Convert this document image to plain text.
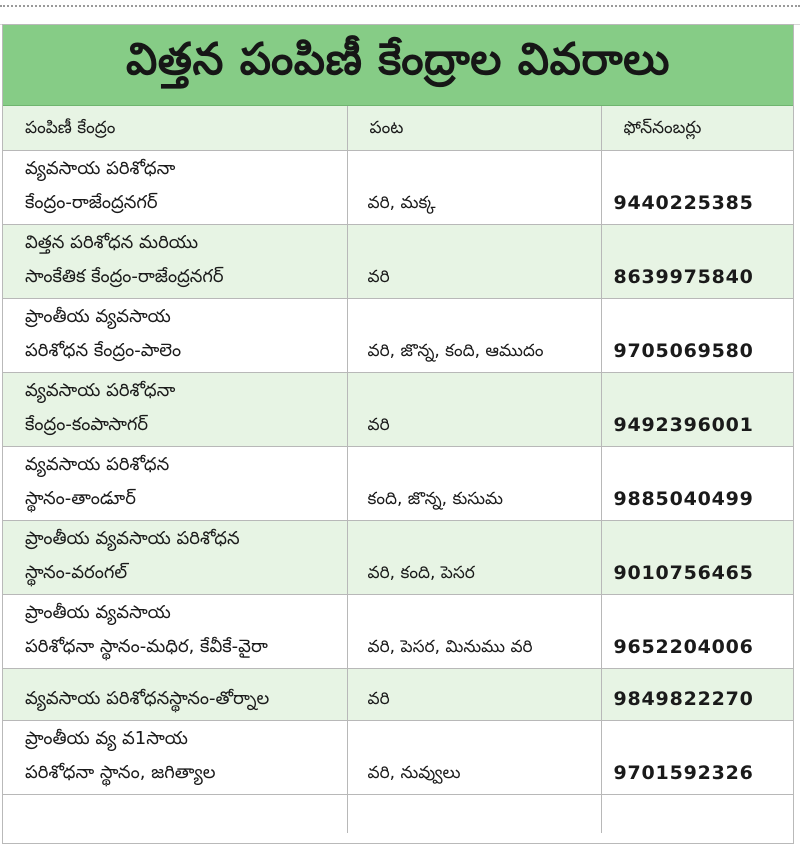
విత్తన పంపిణీ కేంద్రాల వివరాలు
పంపిణీ కేంద్రం	పంట	ఫోన్‌నంబర్లు

వ్యవసాయ పరిశోధనా
కేంద్రం-రాజేంద్రనగర్	వరి, మక్క	9440225385

విత్తన పరిశోధన మరియు
సాంకేతిక కేంద్రం-రాజేంద్రనగర్	వరి	8639975840

ప్రాంతీయ వ్యవసాయ
పరిశోధన కేంద్రం-పాలెం	వరి, జొన్న, కంది, ఆముదం	9705069580

వ్యవసాయ పరిశోధనా
కేంద్రం-కంపాసాగర్	వరి	9492396001

వ్యవసాయ పరిశోధన
స్థానం-తాండూర్	కంది, జొన్న, కుసుమ	9885040499

ప్రాంతీయ వ్యవసాయ పరిశోధన
స్థానం-వరంగల్	వరి, కంది, పెసర	9010756465

ప్రాంతీయ వ్యవసాయ
పరిశోధనా స్థానం-మధిర, కేవీకే-వైరా	వరి, పెసర, మినుము వరి	9652204006

వ్యవసాయ పరిశోధనస్థానం-తోర్నాల	వరి	9849822270

ప్రాంతీయ వ్య వ1సాయ
పరిశోధనా స్థానం, జగిత్యాల	వరి, నువ్వులు	9701592326
